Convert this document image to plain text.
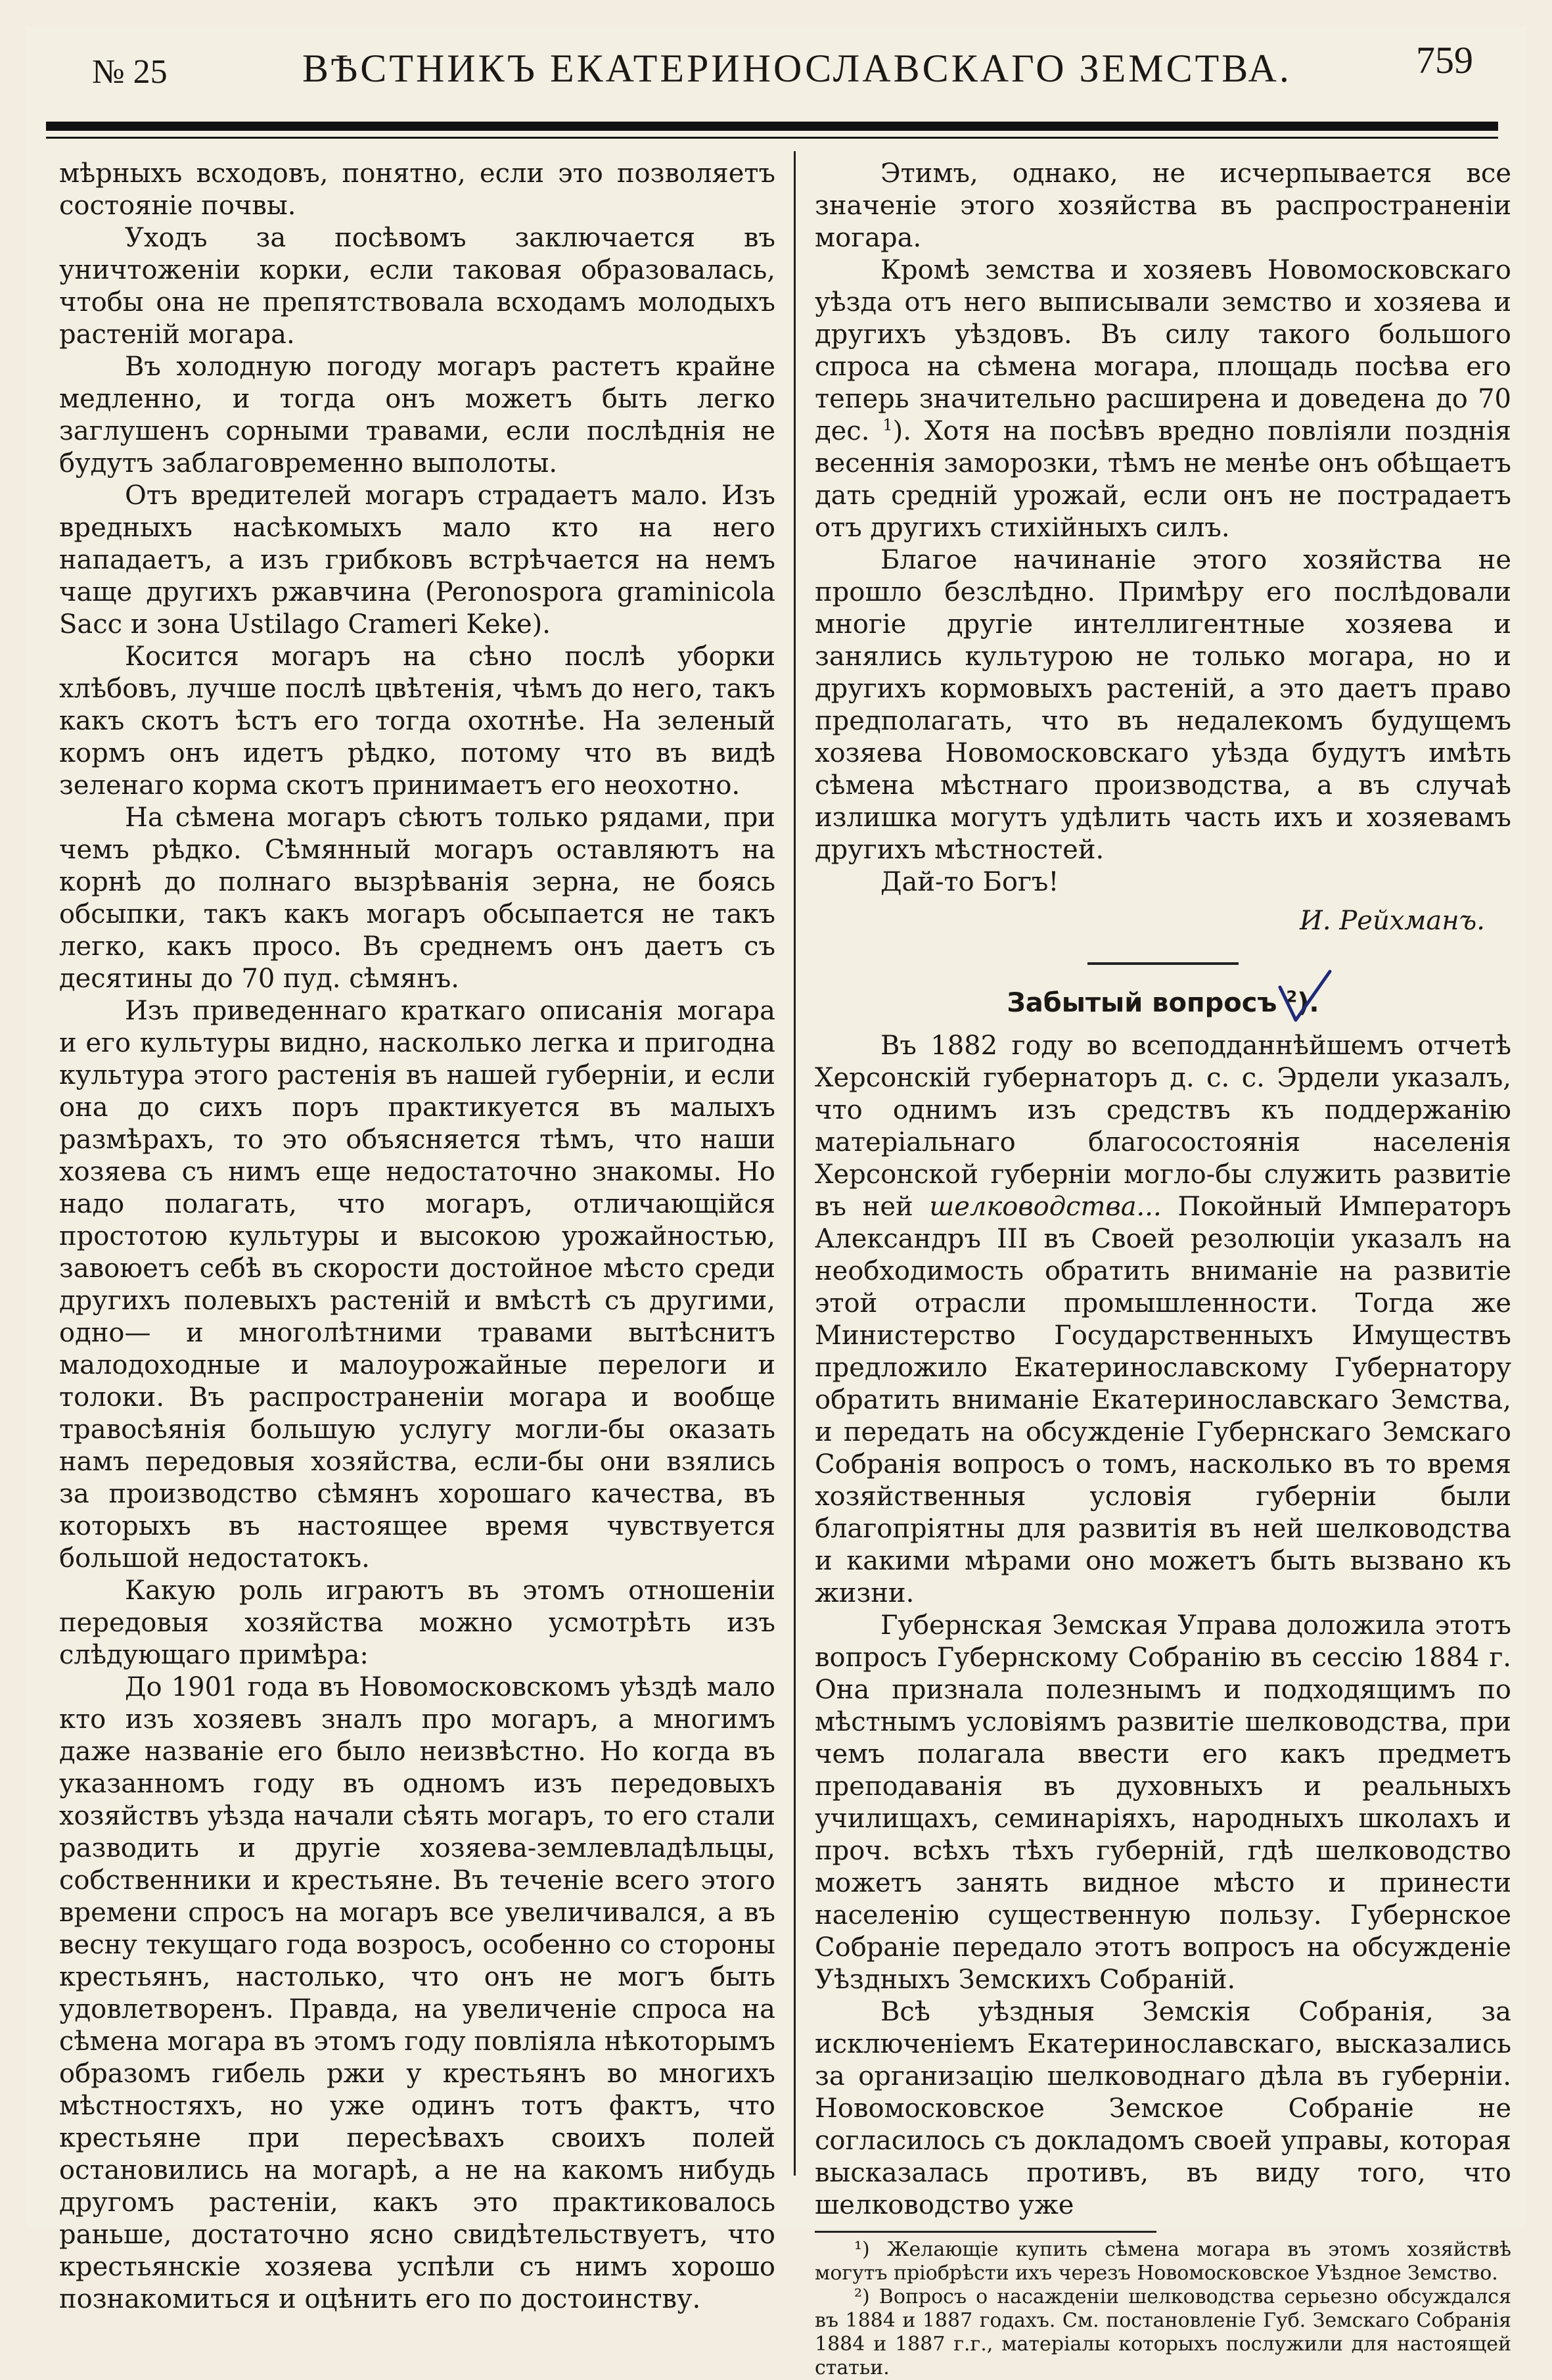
№ 25	ВѢСТНИКЪ ЕКАТЕРИНОСЛАВСКАГО ЗЕМСТВА.	759

мѣрныхъ всходовъ, понятно, если это позволяетъ состояніе почвы.

Уходъ за посѣвомъ заключается въ уничтоженіи корки, если таковая образовалась, чтобы она не препятствовала всходамъ молодыхъ растеній могара.

Въ холодную погоду могаръ растетъ крайне медленно, и тогда онъ можетъ быть легко заглушенъ сорными травами, если послѣднія не будутъ заблаговременно выполоты.

Отъ вредителей могаръ страдаетъ мало. Изъ вредныхъ насѣкомыхъ мало кто на него нападаетъ, а изъ грибковъ встрѣчается на немъ чаще другихъ ржавчина (Peronospora graminicola Sacc и зона Ustilago Crameri Keke).

Косится могаръ на сѣно послѣ уборки хлѣбовъ, лучше послѣ цвѣтенія, чѣмъ до него, такъ какъ скотъ ѣстъ его тогда охотнѣе. На зеленый кормъ онъ идетъ рѣдко, потому что въ видѣ зеленаго корма скотъ принимаетъ его неохотно.

На сѣмена могаръ сѣютъ только рядами, при чемъ рѣдко. Сѣмянный могаръ оставляютъ на корнѣ до полнаго вызрѣванія зерна, не боясь обсыпки, такъ какъ могаръ обсыпается не такъ легко, какъ просо. Въ среднемъ онъ даетъ съ десятины до 70 пуд. сѣмянъ.

Изъ приведеннаго краткаго описанія могара и его культуры видно, насколько легка и пригодна культура этого растенія въ нашей губерніи, и если она до сихъ поръ практикуется въ малыхъ размѣрахъ, то это объясняется тѣмъ, что наши хозяева съ нимъ еще недостаточно знакомы. Но надо полагать, что могаръ, отличающійся простотою культуры и высокою урожайностью, завоюетъ себѣ въ скорости достойное мѣсто среди другихъ полевыхъ растеній и вмѣстѣ съ другими, одно— и многолѣтними травами вытѣснитъ малодоходные и малоурожайные перелоги и толоки. Въ распространеніи могара и вообще травосѣянія большую услугу могли-бы оказать намъ передовыя хозяйства, если-бы они взялись за производство сѣмянъ хорошаго качества, въ которыхъ въ настоящее время чувствуется большой недостатокъ.

Какую роль играютъ въ этомъ отношеніи передовыя хозяйства можно усмотрѣть изъ слѣдующаго примѣра:

До 1901 года въ Новомосковскомъ уѣздѣ мало кто изъ хозяевъ зналъ про могаръ, а многимъ даже названіе его было неизвѣстно. Но когда въ указанномъ году въ одномъ изъ передовыхъ хозяйствъ уѣзда начали сѣять могаръ, то его стали разводить и другіе хозяева-землевладѣльцы, собственники и крестьяне. Въ теченіе всего этого времени спросъ на могаръ все увеличивался, а въ весну текущаго года возросъ, особенно со стороны крестьянъ, настолько, что онъ не могъ быть удовлетворенъ. Правда, на увеличеніе спроса на сѣмена могара въ этомъ году повліяла нѣкоторымъ образомъ гибель ржи у крестьянъ во многихъ мѣстностяхъ, но уже одинъ тотъ фактъ, что крестьяне при пересѣвахъ своихъ полей остановились на могарѣ, а не на какомъ нибудь другомъ растеніи, какъ это практиковалось раньше, достаточно ясно свидѣтельствуетъ, что крестьянскіе хозяева успѣли съ нимъ хорошо познакомиться и оцѣнить его по достоинству.

Этимъ, однако, не исчерпывается все значеніе этого хозяйства въ распространеніи могара.

Кромѣ земства и хозяевъ Новомосковскаго уѣзда отъ него выписывали земство и хозяева и другихъ уѣздовъ. Въ силу такого большого спроса на сѣмена могара, площадь посѣва его теперь значительно расширена и доведена до 70 дес. $^1$). Хотя на посѣвъ вредно повліяли позднія весеннія заморозки, тѣмъ не менѣе онъ обѣщаетъ дать средній урожай, если онъ не пострадаетъ отъ другихъ стихійныхъ силъ.

Благое начинаніе этого хозяйства не прошло безслѣдно. Примѣру его послѣдовали многіе другіе интеллигентные хозяева и занялись культурою не только могара, но и другихъ кормовыхъ растеній, а это даетъ право предполагать, что въ недалекомъ будущемъ хозяева Новомосковскаго уѣзда будутъ имѣть сѣмена мѣстнаго производства, а въ случаѣ излишка могутъ удѣлить часть ихъ и хозяевамъ другихъ мѣстностей.

Дай-то Богъ!

И. Рейхманъ.
Забытый вопросъ $^2$).

Въ 1882 году во всеподданнѣйшемъ отчетѣ Херсонскій губернаторъ д. с. с. Эрдели указалъ, что однимъ изъ средствъ къ поддержанію матеріальнаго благосостоянія населенія Херсонской губерніи могло-бы служить развитіе въ ней шелководства... Покойный Императоръ Александръ III въ Своей резолюціи указалъ на необходимость обратить вниманіе на развитіе этой отрасли промышленности. Тогда же Министерство Государственныхъ Имуществъ предложило Екатеринославскому Губернатору обратить вниманіе Екатеринославскаго Земства, и передать на обсужденіе Губернскаго Земскаго Собранія вопросъ о томъ, насколько въ то время хозяйственныя условія губерніи были благопріятны для развитія въ ней шелководства и какими мѣрами оно можетъ быть вызвано къ жизни.

Губернская Земская Управа доложила этотъ вопросъ Губернскому Собранію въ сессію 1884 г. Она признала полезнымъ и подходящимъ по мѣстнымъ условіямъ развитіе шелководства, при чемъ полагала ввести его какъ предметъ преподаванія въ духовныхъ и реальныхъ училищахъ, семинаріяхъ, народныхъ школахъ и проч. всѣхъ тѣхъ губерній, гдѣ шелководство можетъ занять видное мѣсто и принести населенію существенную пользу. Губернское Собраніе передало этотъ вопросъ на обсужденіе Уѣздныхъ Земскихъ Собраній.

Всѣ уѣздныя Земскія Собранія, за исключеніемъ Екатеринославскаго, высказались за организацію шелководнаго дѣла въ губерніи. Новомосковское Земское Собраніе не согласилось съ докладомъ своей управы, которая высказалась противъ, въ виду того, что шелководство уже

¹) Желающіе купить сѣмена могара въ этомъ хозяйствѣ могутъ пріобрѣсти ихъ черезъ Новомосковское Уѣздное Земство.

²) Вопросъ о насажденіи шелководства серьезно обсуждался въ 1884 и 1887 годахъ. См. постановленіе Губ. Земскаго Собранія 1884 и 1887 г.г., матеріалы которыхъ послужили для настоящей статьи.
